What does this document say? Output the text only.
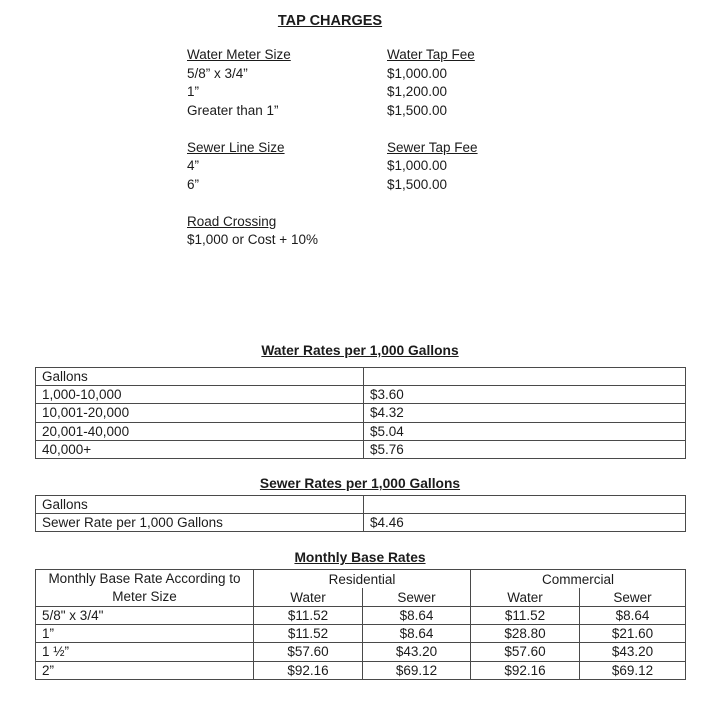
TAP CHARGES
Water Meter Size	Water Tap Fee
5/8” x 3/4”	$1,000.00
1”	$1,200.00
Greater than 1”	$1,500.00
Sewer Line Size	Sewer Tap Fee
4”	$1,000.00
6”	$1,500.00
Road Crossing
$1,000 or Cost + 10%
Water Rates per 1,000 Gallons
Gallons	
1,000-10,000	$3.60
10,001-20,000	$4.32
20,001-40,000	$5.04
40,000+	$5.76
Sewer Rates per 1,000 Gallons
Gallons	
Sewer Rate per 1,000 Gallons	$4.46
Monthly Base Rates
Monthly Base Rate According to
Meter Size	Residential		Commercial	
	Water	Sewer	Water	Sewer
5/8" x 3/4"	$11.52	$8.64	$11.52	$8.64
1”	$11.52	$8.64	$28.80	$21.60
1 ½”	$57.60	$43.20	$57.60	$43.20
2”	$92.16	$69.12	$92.16	$69.12
